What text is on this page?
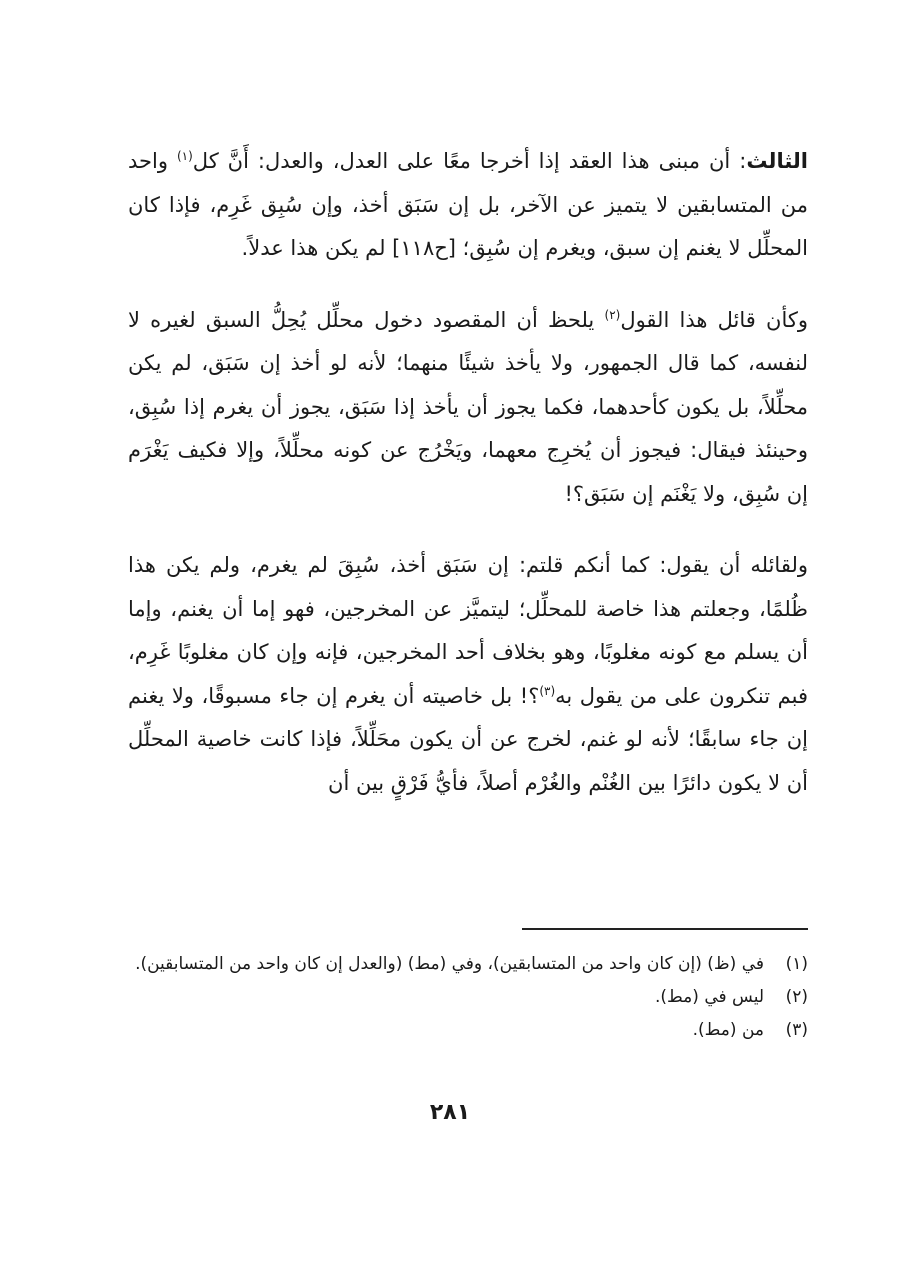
الثالث: أن مبنى هذا العقد إذا أخرجا معًا على العدل، والعدل: أَنَّ كل$^{(١)}$ واحد من المتسابقين لا يتميز عن الآخر، بل إن سَبَق أخذ، وإن سُبِق غَرِم، فإذا كان المحلِّل لا يغنم إن سبق، ويغرم إن سُبِق؛ [ح١١٨] لم يكن هذا عدلاً.

وكأن قائل هذا القول$^{(٢)}$ يلحظ أن المقصود دخول محلِّل يُحِلُّ السبق لغيره لا لنفسه، كما قال الجمهور، ولا يأخذ شيئًا منهما؛ لأنه لو أخذ إن سَبَق، لم يكن محلِّلاً، بل يكون كأحدهما، فكما يجوز أن يأخذ إذا سَبَق، يجوز أن يغرم إذا سُبِق، وحينئذ فيقال: فيجوز أن يُخرِج معهما، ويَخْرُج عن كونه محلِّلاً، وإلا فكيف يَغْرَم إن سُبِق، ولا يَغْنَم إن سَبَق؟!

ولقائله أن يقول: كما أنكم قلتم: إن سَبَق أخذ، سُبِقَ لم يغرم، ولم يكن هذا ظُلمًا، وجعلتم هذا خاصة للمحلِّل؛ ليتميَّز عن المخرجين، فهو إما أن يغنم، وإما أن يسلم مع كونه مغلوبًا، وهو بخلاف أحد المخرجين، فإنه وإن كان مغلوبًا غَرِم، فبم تنكرون على من يقول به$^{(٣)}$؟! بل خاصيته أن يغرم إن جاء مسبوقًا، ولا يغنم إن جاء سابقًا؛ لأنه لو غنم، لخرج عن أن يكون محَلِّلاً، فإذا كانت خاصية المحلِّل أن لا يكون دائرًا بين الغُنْم والغُرْم أصلاً، فأيُّ فَرْقٍ بين أن

(١)
في (ظ) (إن كان واحد من المتسابقين)، وفي (مط) (والعدل إن كان واحد من المتسابقين).
(٢)
ليس في (مط).
(٣)
من (مط).
٢٨١
